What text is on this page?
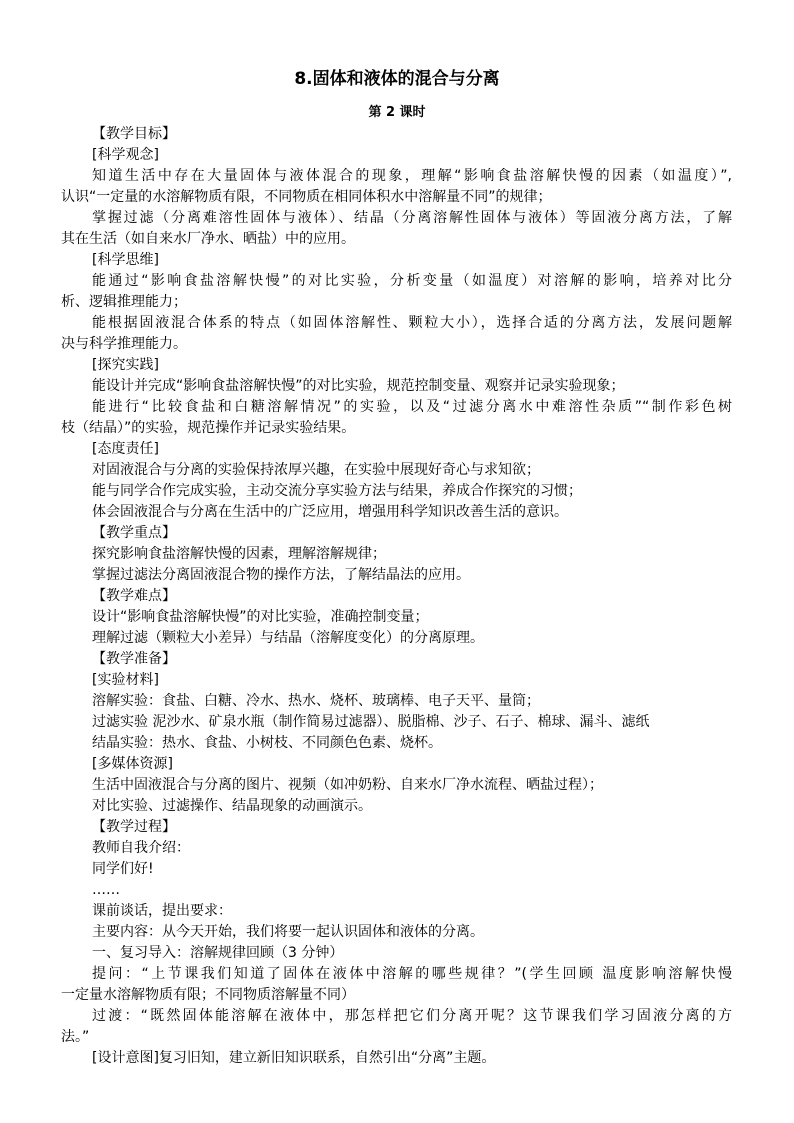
8.固体和液体的混合与分离
第 2 课时
【教学目标】
[科学观念]
知道生活中存在大量固体与液体混合的现象，理解“影响食盐溶解快慢的因素（如温度）”,
认识“一定量的水溶解物质有限，不同物质在相同体积水中溶解量不同”的规律；
掌握过滤（分离难溶性固体与液体）、结晶（分离溶解性固体与液体）等固液分离方法，了解
其在生活（如自来水厂净水、晒盐）中的应用。
[科学思维]
能通过“影响食盐溶解快慢”的对比实验，分析变量（如温度）对溶解的影响，培养对比分
析、逻辑推理能力；
能根据固液混合体系的特点（如固体溶解性、颗粒大小），选择合适的分离方法，发展问题解
决与科学推理能力。
[探究实践]
能设计并完成“影响食盐溶解快慢”的对比实验，规范控制变量、观察并记录实验现象；
能进行“比较食盐和白糖溶解情况”的实验，以及“过滤分离水中难溶性杂质”“制作彩色树
枝（结晶）”的实验，规范操作并记录实验结果。
[态度责任]
对固液混合与分离的实验保持浓厚兴趣，在实验中展现好奇心与求知欲；
能与同学合作完成实验，主动交流分享实验方法与结果，养成合作探究的习惯；
体会固液混合与分离在生活中的广泛应用，增强用科学知识改善生活的意识。
【教学重点】
探究影响食盐溶解快慢的因素，理解溶解规律；
掌握过滤法分离固液混合物的操作方法，了解结晶法的应用。
【教学难点】
设计“影响食盐溶解快慢”的对比实验，准确控制变量；
理解过滤（颗粒大小差异）与结晶（溶解度变化）的分离原理。
【教学准备】
[实验材料]
溶解实验：食盐、白糖、冷水、热水、烧杯、玻璃棒、电子天平、量筒；
过滤实验 泥沙水、矿泉水瓶（制作简易过滤器）、脱脂棉、沙子、石子、棉球、漏斗、滤纸
结晶实验：热水、食盐、小树枝、不同颜色色素、烧杯。
[多媒体资源]
生活中固液混合与分离的图片、视频（如冲奶粉、自来水厂净水流程、晒盐过程）；
对比实验、过滤操作、结晶现象的动画演示。
【教学过程】
教师自我介绍：
同学们好!
……
课前谈话，提出要求：
主要内容：从今天开始，我们将要一起认识固体和液体的分离。
一、复习导入：溶解规律回顾（3 分钟）
提问：“上节课我们知道了固体在液体中溶解的哪些规律？”(学生回顾 温度影响溶解快慢
一定量水溶解物质有限；不同物质溶解量不同）
过渡：“既然固体能溶解在液体中，那怎样把它们分离开呢？这节课我们学习固液分离的方
法。”
[设计意图]复习旧知，建立新旧知识联系，自然引出“分离”主题。
